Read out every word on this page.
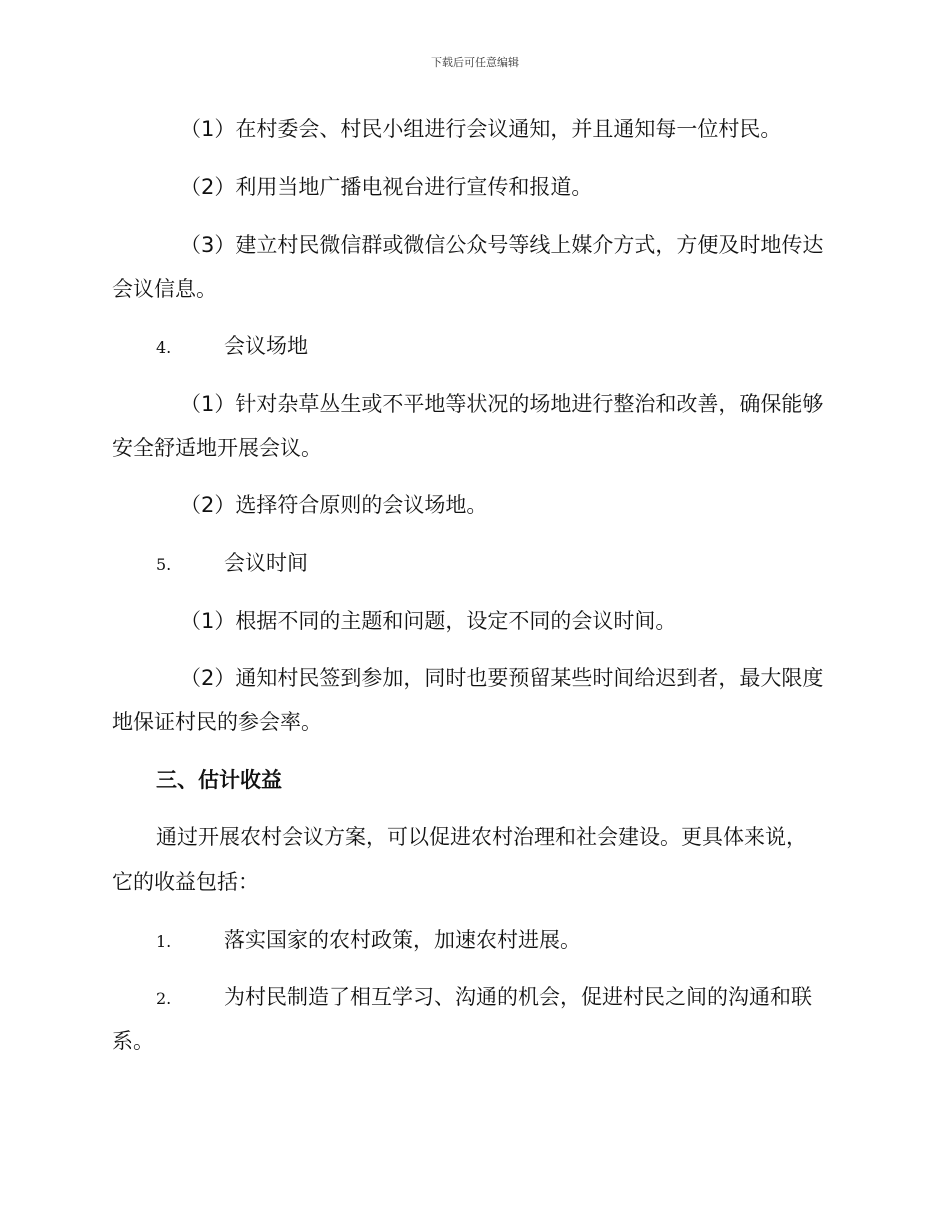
下载后可任意编辑
（1）在村委会、村民小组进行会议通知，并且通知每一位村民。
（2）利用当地广播电视台进行宣传和报道。
（3）建立村民微信群或微信公众号等线上媒介方式，方便及时地传达
会议信息。
4.	会议场地
（1）针对杂草丛生或不平地等状况的场地进行整治和改善，确保能够
安全舒适地开展会议。
（2）选择符合原则的会议场地。
5.	会议时间
（1）根据不同的主题和问题，设定不同的会议时间。
（2）通知村民签到参加，同时也要预留某些时间给迟到者，最大限度
地保证村民的参会率。
三、估计收益
通过开展农村会议方案，可以促进农村治理和社会建设。更具体来说，
它的收益包括：
1.	落实国家的农村政策，加速农村进展。
2.	为村民制造了相互学习、沟通的机会，促进村民之间的沟通和联
系。
